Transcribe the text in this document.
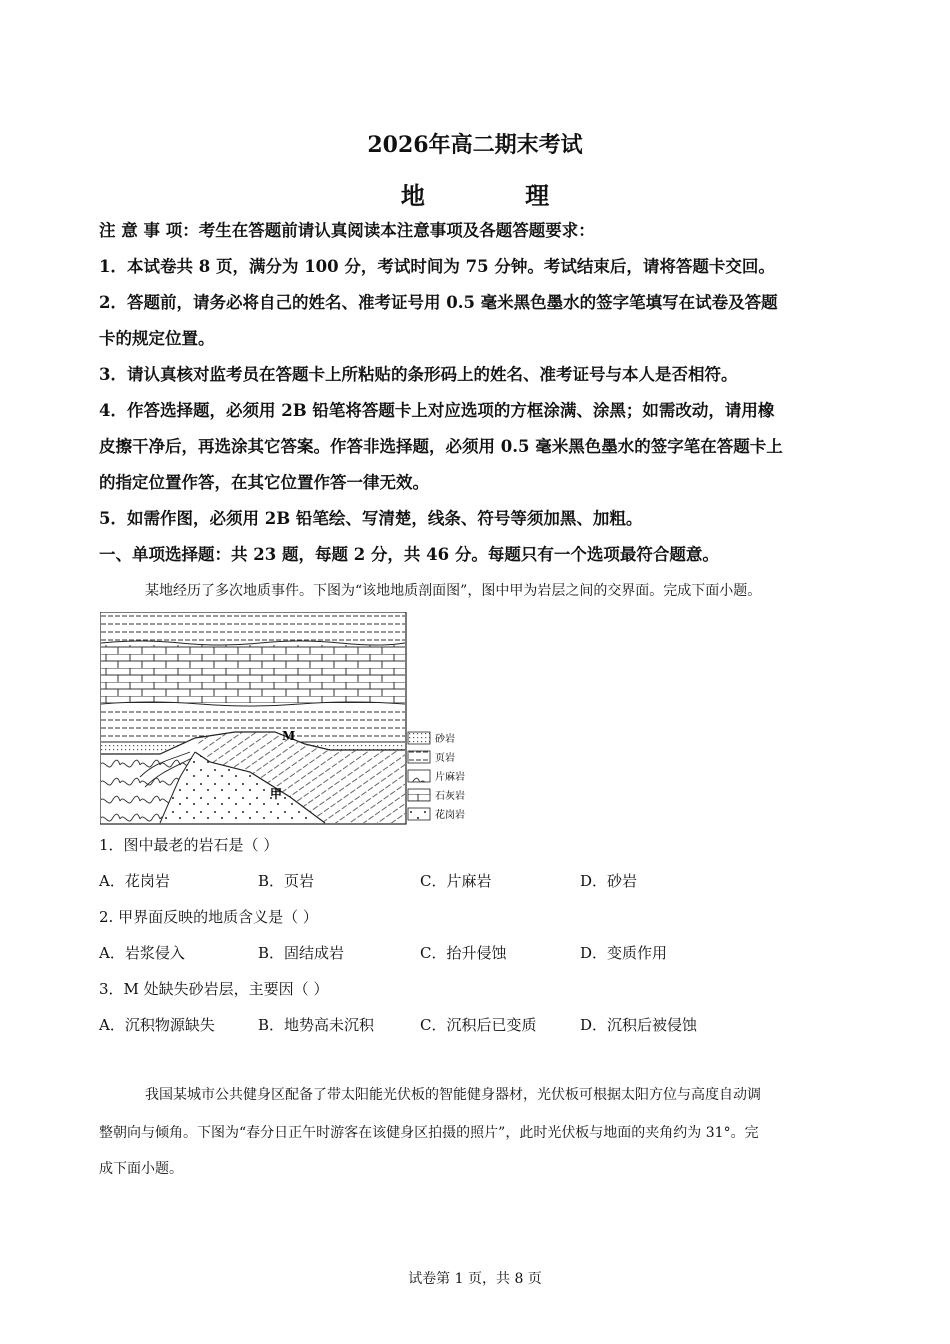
2026年高二期末考试
地 理
注 意 事 项：考生在答题前请认真阅读本注意事项及各题答题要求：
1．本试卷共 8 页，满分为 100 分，考试时间为 75 分钟。考试结束后，请将答题卡交回。
2．答题前，请务必将自己的姓名、准考证号用 0.5 毫米黑色墨水的签字笔填写在试卷及答题
卡的规定位置。
3．请认真核对监考员在答题卡上所粘贴的条形码上的姓名、准考证号与本人是否相符。
4．作答选择题，必须用 2B 铅笔将答题卡上对应选项的方框涂满、涂黑；如需改动，请用橡
皮擦干净后，再选涂其它答案。作答非选择题，必须用 0.5 毫米黑色墨水的签字笔在答题卡上
的指定位置作答，在其它位置作答一律无效。
5．如需作图，必须用 2B 铅笔绘、写清楚，线条、符号等须加黑、加粗。
一、单项选择题：共 23 题，每题 2 分，共 46 分。每题只有一个选项最符合题意。
某地经历了多次地质事件。下图为“该地地质剖面图”，图中甲为岩层之间的交界面。完成下面小题。
M
甲
砂岩
页岩
片麻岩
石灰岩
花岗岩
1．图中最老的岩石是（ ）
A．花岗岩	B．页岩	C．片麻岩	D．砂岩
2. 甲界面反映的地质含义是（ ）
A．岩浆侵入	B．固结成岩	C．抬升侵蚀	D．变质作用
3．M 处缺失砂岩层，主要因（ ）
A．沉积物源缺失	B．地势高未沉积	C．沉积后已变质	D．沉积后被侵蚀
我国某城市公共健身区配备了带太阳能光伏板的智能健身器材，光伏板可根据太阳方位与高度自动调
整朝向与倾角。下图为“春分日正午时游客在该健身区拍摄的照片”，此时光伏板与地面的夹角约为 31°。完
成下面小题。
试卷第 1 页，共 8 页
